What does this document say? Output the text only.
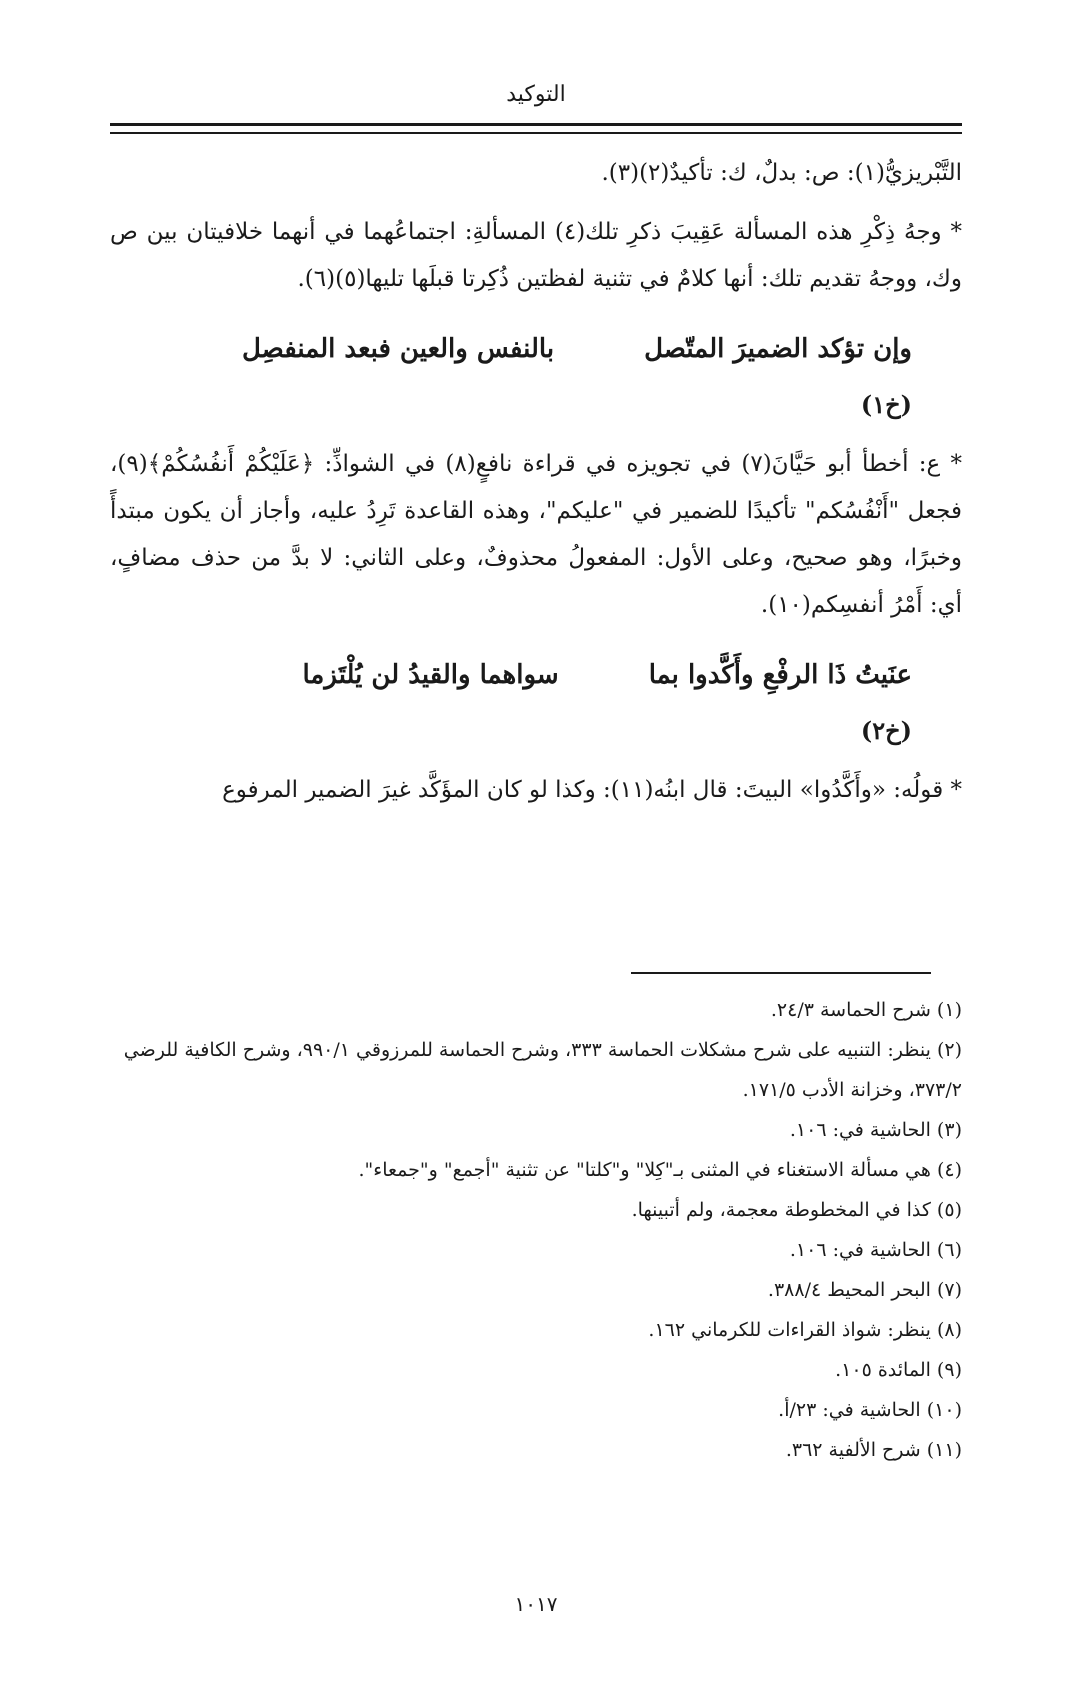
التوكيد

التَّبْريزيُّ(١): ص: بدلٌ، ك: تأكيدٌ(٢)(٣).

* وجهُ ذِكْرِ هذه المسألة عَقِيبَ ذكرِ تلك(٤) المسألةِ: اجتماعُهما في أنهما خلافيتان بين ص وك، ووجهُ تقديم تلك: أنها كلامٌ في تثنية لفظتين ذُكِرتا قبلَها تليها(٥)(٦).

وإن تؤكد الضميرَ المتّصل
بالنفس والعين فبعد المنفصِل
(خ١)

* ع: أخطأ أبو حَيَّانَ(٧) في تجويزه في قراءة نافعٍ(٨) في الشواذِّ: ﴿عَلَيْكُمْ أَنفُسُكُمْ﴾(٩)، فجعل "أَنْفُسُكم" تأكيدًا للضمير في "عليكم"، وهذه القاعدة تَرِدُ عليه، وأجاز أن يكون مبتدأً وخبرًا، وهو صحيح، وعلى الأول: المفعولُ محذوفٌ، وعلى الثاني: لا بدَّ من حذف مضافٍ، أي: أَمْرُ أنفسِكم(١٠).

عنَيتُ ذَا الرفْعِ وأَكَّدوا بما
سواهما والقيدُ لن يُلْتَزما
(خ٢)

* قولُه: «وأَكَّدُوا» البيتَ: قال ابنُه(١١): وكذا لو كان المؤَكَّد غيرَ الضمير المرفوع

(١) شرح الحماسة ٢٤/٣.

(٢) ينظر: التنبيه على شرح مشكلات الحماسة ٣٣٣، وشرح الحماسة للمرزوقي ٩٩٠/١، وشرح الكافية للرضي ٣٧٣/٢، وخزانة الأدب ١٧١/٥.

(٣) الحاشية في: ١٠٦.

(٤) هي مسألة الاستغناء في المثنى بـ"كِلا" و"كلتا" عن تثنية "أجمع" و"جمعاء".

(٥) كذا في المخطوطة معجمة، ولم أتبينها.

(٦) الحاشية في: ١٠٦.

(٧) البحر المحيط ٣٨٨/٤.

(٨) ينظر: شواذ القراءات للكرماني ١٦٢.

(٩) المائدة ١٠٥.

(١٠) الحاشية في: ٢٣/أ.

(١١) شرح الألفية ٣٦٢.

١٠١٧
